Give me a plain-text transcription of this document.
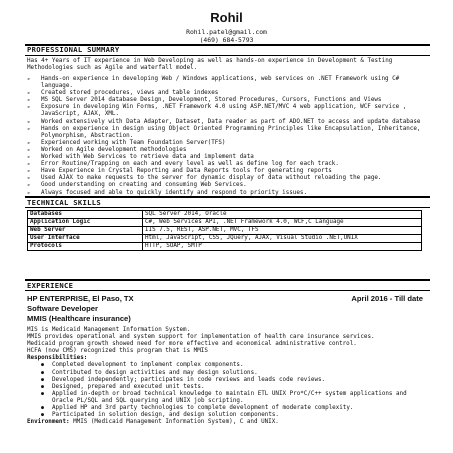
Rohil
Rohil.patel@gmail.com
(469) 684-5793
PROFESSIONAL SUMMARY
Has 4+ Years of IT experience in Web Developing as well as hands-on experience in Development & Testing Methodologies such as Agile and waterfall model.
➢ Hands-on experience in developing Web / Windows applications, web services on .NET Framework using C# language.
➢ Created stored procedures, views and table indexes
➢ MS SQL Server 2014 database Design, Development, Stored Procedures, Cursors, Functions and Views
➢ Exposure in developing Win Forms, .NET Framework 4.0 using ASP.NET/MVC 4 web application, WCF service , JavaScript, AJAX, XML.
➢ Worked extensively with Data Adapter, Dataset, Data reader as part of ADO.NET to access and update database
➢ Hands on experience in design using Object Oriented Programming Principles like Encapsulation, Inheritance, Polymorphism, Abstraction.
➢ Experienced working with Team Foundation Server(TFS)
➢ Worked on Agile development methodologies
➢ Worked with Web Services to retrieve data and implement data
➢ Error Routine/Trapping on each and every level as well as define log for each track.
➢ Have Experience in Crystal Reporting and Data Reports tools for generating reports
➢ Used AJAX to make requests to the server for dynamic display of data without reloading the page.
➢ Good understanding on creating and consuming Web Services.
➢ Always focused and able to quickly identify and respond to priority issues.
TECHNICAL SKILLS
Databases	SQL Server 2014, Oracle
Application Logic	C#, Web Services API, .NET Framework 4.0, WCF,C Language
Web Server	IIS 7.5, REST, ASP.NET, MVC, TFS
User Interface	Html, JavaScript, CSS, JQuery, AJAX, Visual Studio .NET,UNIX
Protocols	HTTP, SOAP, SMTP
EXPERIENCE
HP ENTERPRISE, El Paso, TX	April 2016 - Till date
Software Developer
MMIS (Healthcare insurance)
MIS is Medicaid Management Information System.
MMIS provides operational and system support for implementation of health care insurance services.
Medicaid program growth showed need for more effective and economical administrative control.
HCFA (now CMS) recognized this program that is MMIS
Responsibilities:
● Completed development to implement complex components.
● Contributed to design activities and may design solutions.
● Developed independently; participates in code reviews and leads code reviews.
● Designed, prepared and executed unit tests.
● Applied in-depth or broad technical knowledge to maintain ETL UNIX Pro*C/C++ system applications and Oracle PL/SQL and SQL querying and UNIX job scripting.
● Applied HP and 3rd party technologies to complete development of moderate complexity.
● Participated in solution design, and design solution components.
Environment: MMIS (Medicaid Management Information System), C and UNIX.
